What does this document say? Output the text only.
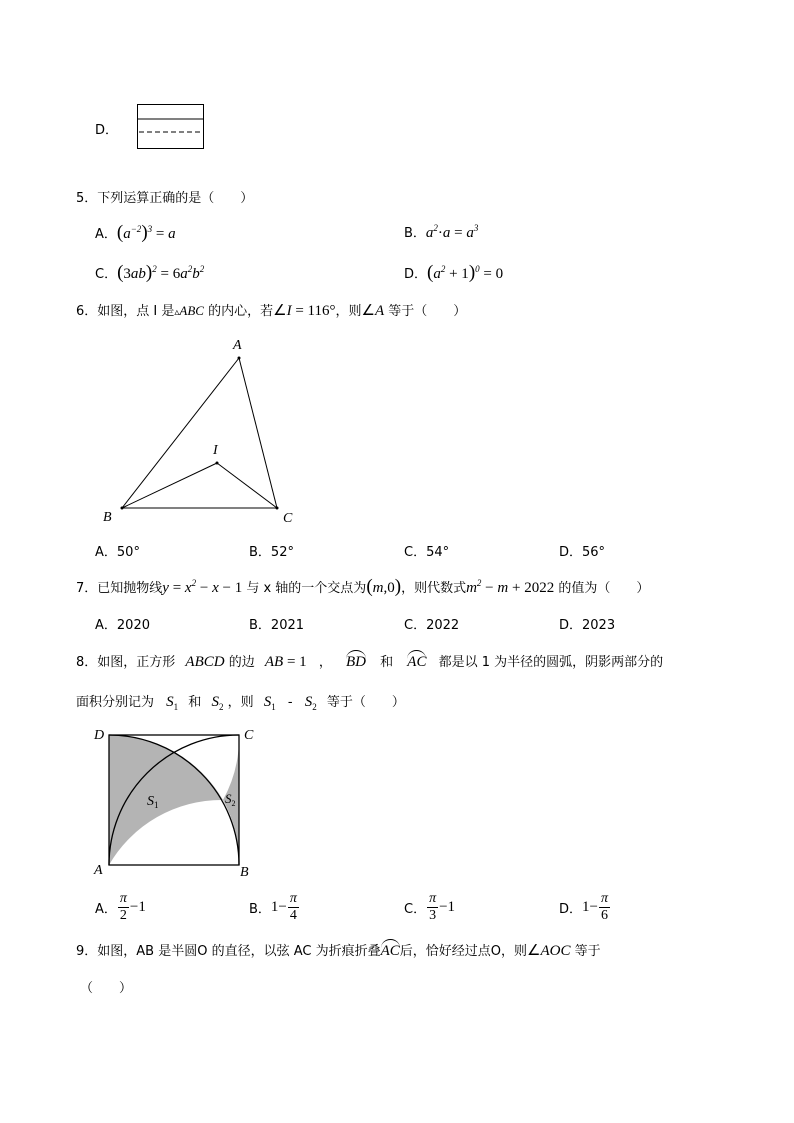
D．
5．下列运算正确的是（　　）
A．$(a^{-2})^3 = a$	B．$a^2\cdot a = a^3$
C．$(3ab)^2 = 6a^2b^2$	D．$(a^2 + 1)^0 = 0$
6．如图，点 I 是▵ABC 的内心，若∠I = 116°，则∠A 等于（　　）
A
B	C
I
A．50°	B．52°	C．54°	D．56°
7．已知抛物线$y = x^2 - x - 1$ 与 x 轴的一个交点为(m,0)，则代数式$m^2 - m + 2022$ 的值为（　　）
A．2020	B．2021	C．2022	D．2023
8．如图，正方形 ABCD 的边 AB = 1 ， BD 和 AC 都是以 1 为半径的圆弧，阴影两部分的
面积分别记为 $S_1$ 和 $S_2$ ，则 $S_1 - S_2$ 等于（　　）
D	C
A	B
$S_1$	$S_2$
A． $\frac{\pi}{2} -1$	B．$1- \frac{\pi}{4}$	C． $\frac{\pi}{3} -1$	D．$1- \frac{\pi}{6}$
9．如图，AB 是半圆O 的直径，以弦 AC 为折痕折叠AC后，恰好经过点O，则∠AOC 等于
（　　）
